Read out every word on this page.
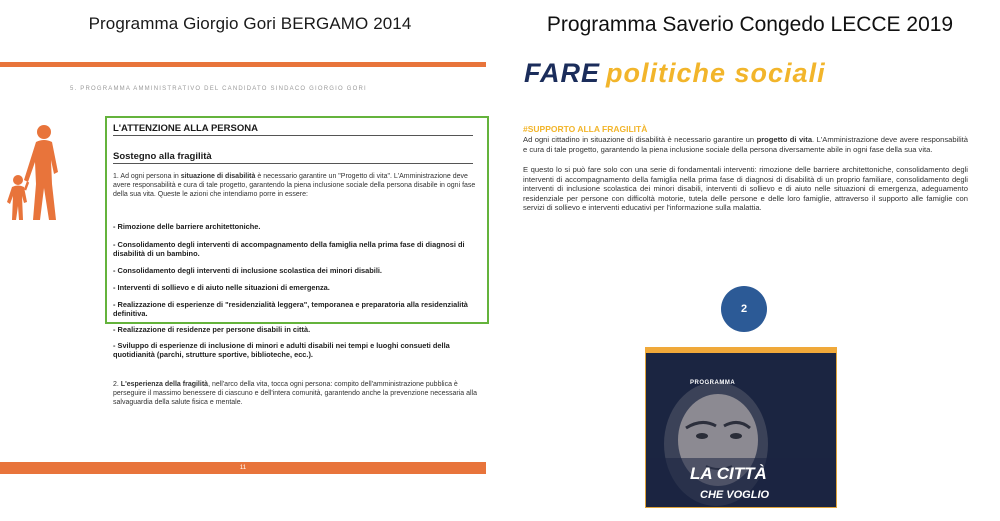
Programma Giorgio Gori BERGAMO 2014
5. PROGRAMMA AMMINISTRATIVO DEL CANDIDATO SINDACO GIORGIO GORI
L'ATTENZIONE ALLA PERSONA
Sostegno alla fragilità
1. Ad ogni persona in situazione di disabilità è necessario garantire un "Progetto di vita". L'Amministrazione deve avere responsabilità e cura di tale progetto, garantendo la piena inclusione sociale della persona disabile in ogni fase della sua vita. Queste le azioni che intendiamo porre in essere:
- Rimozione delle barriere architettoniche.
- Consolidamento degli interventi di accompagnamento della famiglia nella prima fase di diagnosi di disabilità di un bambino.
- Consolidamento degli interventi di inclusione scolastica dei minori disabili.
- Interventi di sollievo e di aiuto nelle situazioni di emergenza.
- Realizzazione di esperienze di "residenzialità leggera", temporanea e preparatoria alla residenzialità definitiva.
- Realizzazione di residenze per persone disabili in città.
- Sviluppo di esperienze di inclusione di minori e adulti disabili nei tempi e luoghi consueti della quotidianità (parchi, strutture sportive, biblioteche, ecc.).
2. L'esperienza della fragilità, nell'arco della vita, tocca ogni persona: compito dell'amministrazione pubblica è perseguire il massimo benessere di ciascuno e dell'intera comunità, garantendo anche la prevenzione necessaria alla salvaguardia della salute fisica e mentale.
11
Programma Saverio Congedo LECCE 2019
FARE politiche sociali
#SUPPORTO ALLA FRAGILITÀ
Ad ogni cittadino in situazione di disabilità è necessario garantire un progetto di vita. L'Amministrazione deve avere responsabilità e cura di tale progetto, garantendo la piena inclusione sociale della persona diversamente abile in ogni fase della sua vita.
E questo lo si può fare solo con una serie di fondamentali interventi: rimozione delle barriere architettoniche, consolidamento degli interventi di accompagnamento della famiglia nella prima fase di diagnosi di disabilità di un proprio familiare, consolidamento degli interventi di inclusione scolastica dei minori disabili, interventi di sollievo e di aiuto nelle situazioni di emergenza, adeguamento residenziale per persone con difficoltà motorie, tutela delle persone e delle loro famiglie, attraverso il supporto alle famiglie con servizi di sollievo e interventi educativi per l'informazione sulla malattia.
2
PROGRAMMA
LA CITTÀ
CHE VOGLIO
